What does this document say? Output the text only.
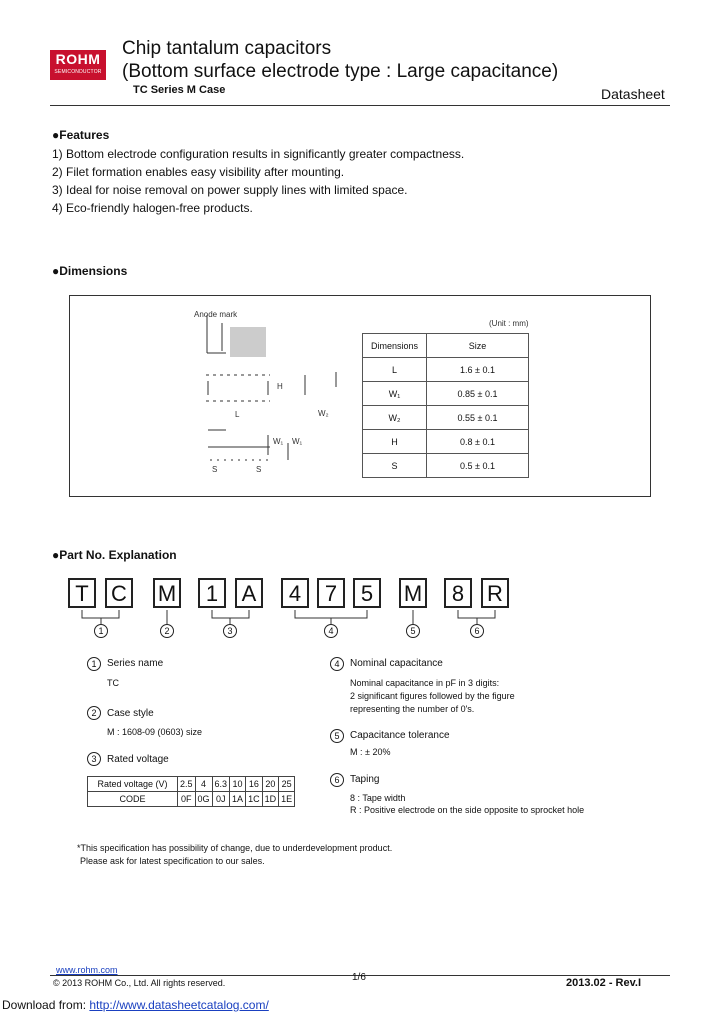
ROHM
SEMICONDUCTOR
Chip tantalum capacitors
(Bottom surface electrode type : Large capacitance)
TC Series M Case	Datasheet
●Features
1) Bottom electrode configuration results in significantly greater compactness.
2) Filet formation enables easy visibility after mounting.
3) Ideal for noise removal on power supply lines with limited space.
4) Eco-friendly halogen-free products.
●Dimensions
Anode mark
(Unit : mm)
H
L	W₂
W₁ W₁
S	S
Dimensions	Size
L	1.6 ± 0.1
W₁	0.85 ± 0.1
W₂	0.55 ± 0.1
H	0.8 ± 0.1
S	0.5 ± 0.1
●Part No. Explanation
T	C M	1	A	4	7	5	M	8	R
1	2	3	4	5	6
1	Series name
TC
2	Case style
M : 1608-09 (0603) size
3	Rated voltage
Rated voltage (V)	2.5	4	6.3	10	16	20	25
CODE	0F	0G	0J	1A	1C	1D	1E
4	Nominal capacitance
Nominal capacitance in pF in 3 digits:
2 significant figures followed by the figure
representing the number of 0's.
5	Capacitance tolerance
M : ± 20%
6	Taping
8 : Tape width
R : Positive electrode on the side opposite to sprocket hole
*This specification has possibility of change, due to underdevelopment product.
Please ask for latest specification to our sales.
www.rohm.com
© 2013 ROHM Co., Ltd. All rights reserved.	1/6	2013.02 - Rev.I
Download from: http://www.datasheetcatalog.com/
